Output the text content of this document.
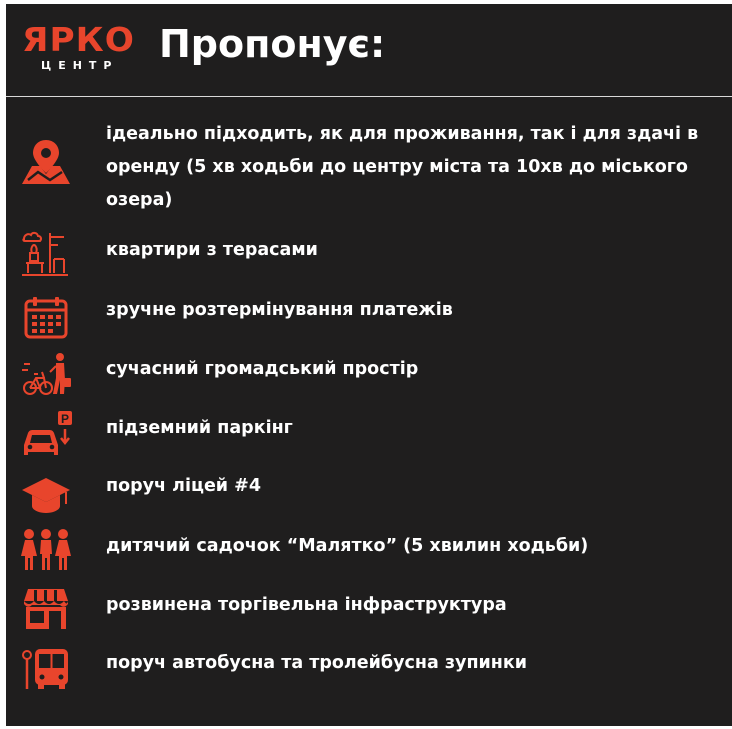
ЯРКО
ЦЕНТР Пропонує:
ідеально підходить, як для проживання, так і для здачі в оренду (5 хв ходьби до центру міста та 10хв до міського озера)
квартири з терасами
зручне розтермінування платежів
сучасний громадський простір
P підземний паркінг
поруч ліцей #4
дитячий садочок “Малятко” (5 хвилин ходьби)
розвинена торгівельна інфраструктура
поруч автобусна та тролейбусна зупинки
